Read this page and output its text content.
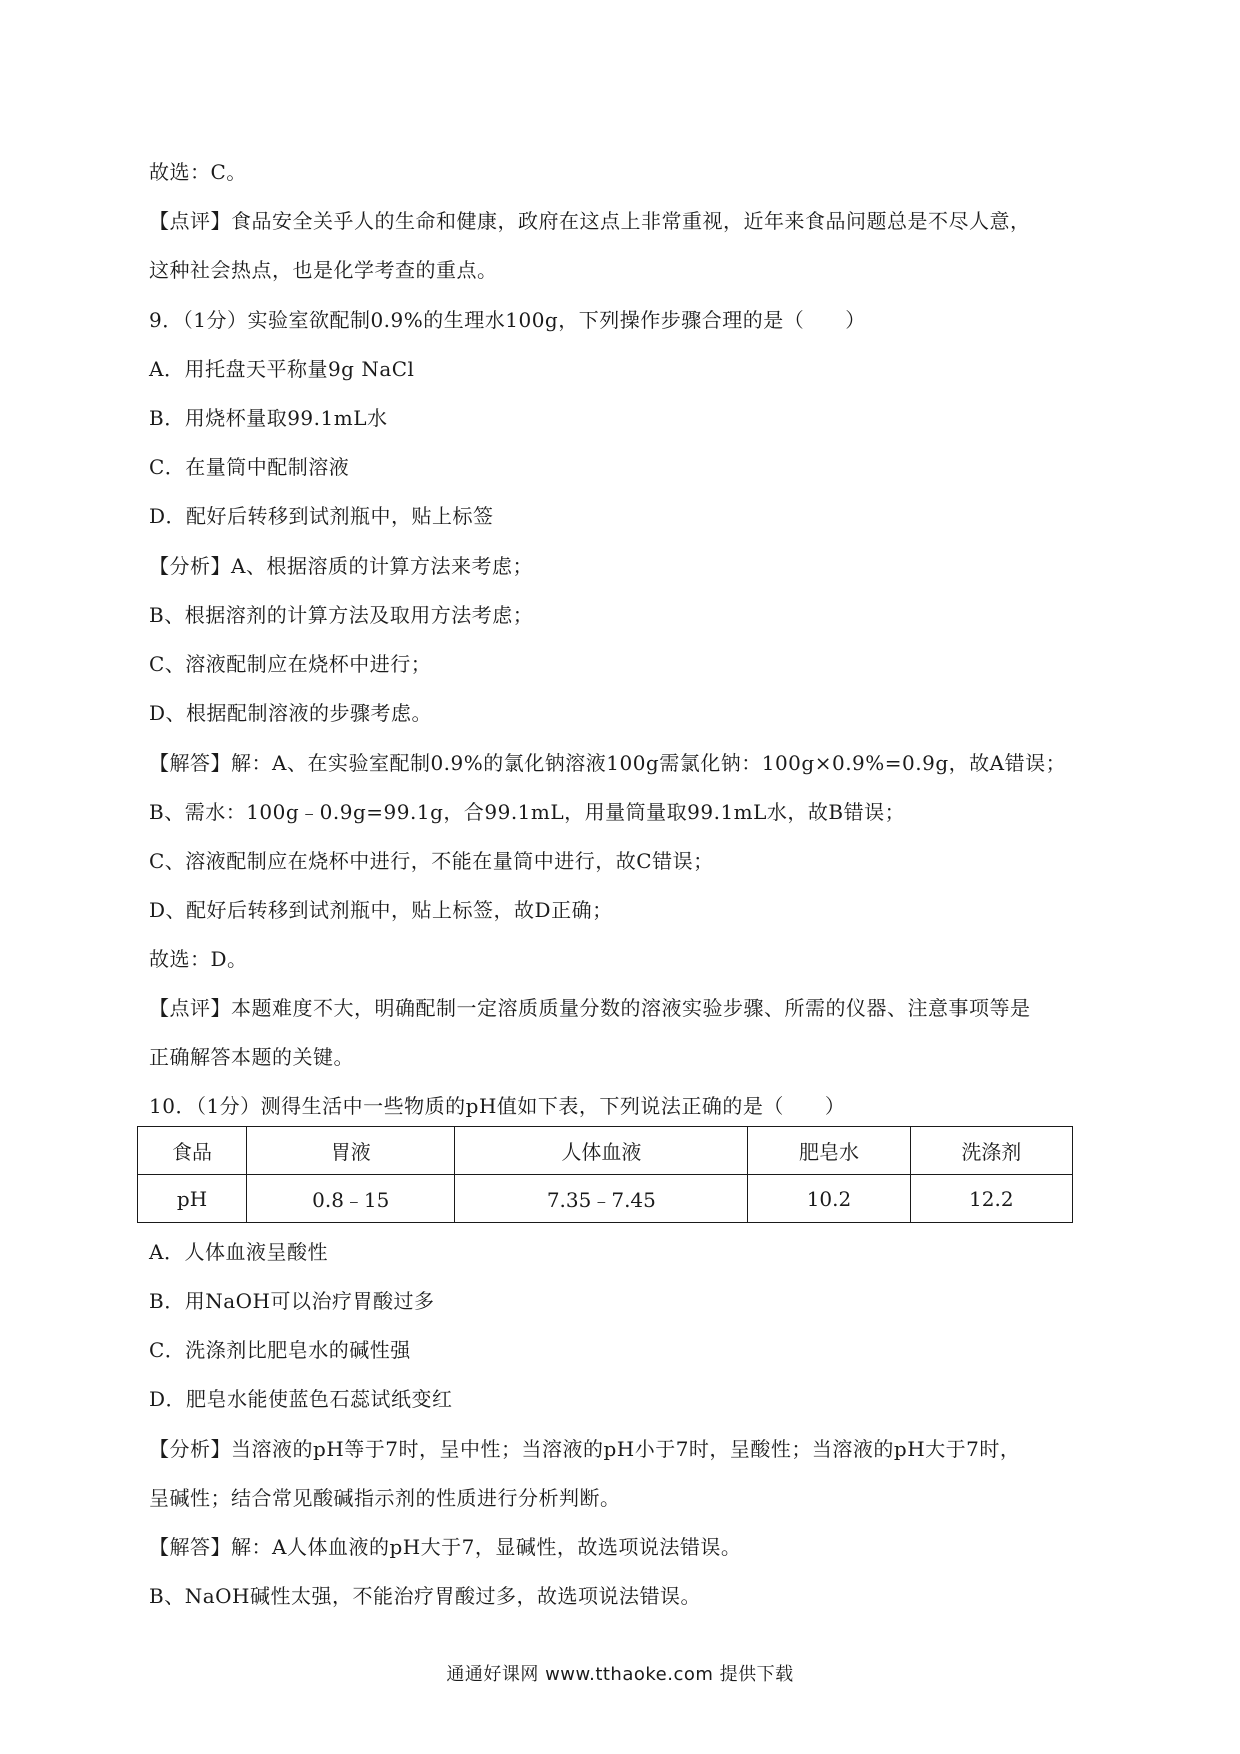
故选：C。
【点评】食品安全关乎人的生命和健康，政府在这点上非常重视，近年来食品问题总是不尽人意，
这种社会热点，也是化学考查的重点。
9．（1分）实验室欲配制0.9%的生理水100g，下列操作步骤合理的是（　　）
A．用托盘天平称量9g NaCl
B．用烧杯量取99.1mL水
C．在量筒中配制溶液
D．配好后转移到试剂瓶中，贴上标签
【分析】A、根据溶质的计算方法来考虑；
B、根据溶剂的计算方法及取用方法考虑；
C、溶液配制应在烧杯中进行；
D、根据配制溶液的步骤考虑。
【解答】解：A、在实验室配制0.9%的氯化钠溶液100g需氯化钠：100g×0.9%=0.9g，故A错误；
B、需水：100g﹣0.9g=99.1g，合99.1mL，用量筒量取99.1mL水，故B错误；
C、溶液配制应在烧杯中进行，不能在量筒中进行，故C错误；
D、配好后转移到试剂瓶中，贴上标签，故D正确；
故选：D。
【点评】本题难度不大，明确配制一定溶质质量分数的溶液实验步骤、所需的仪器、注意事项等是
正确解答本题的关键。
10．（1分）测得生活中一些物质的pH值如下表，下列说法正确的是（　　）
食品	胃液	人体血液	肥皂水	洗涤剂
pH	0.8﹣15	7.35﹣7.45	10.2	12.2
A．人体血液呈酸性
B．用NaOH可以治疗胃酸过多
C．洗涤剂比肥皂水的碱性强
D．肥皂水能使蓝色石蕊试纸变红
【分析】当溶液的pH等于7时，呈中性；当溶液的pH小于7时，呈酸性；当溶液的pH大于7时，
呈碱性；结合常见酸碱指示剂的性质进行分析判断。
【解答】解：A人体血液的pH大于7，显碱性，故选项说法错误。
B、NaOH碱性太强，不能治疗胃酸过多，故选项说法错误。
通通好课网 www.tthaoke.com 提供下载
